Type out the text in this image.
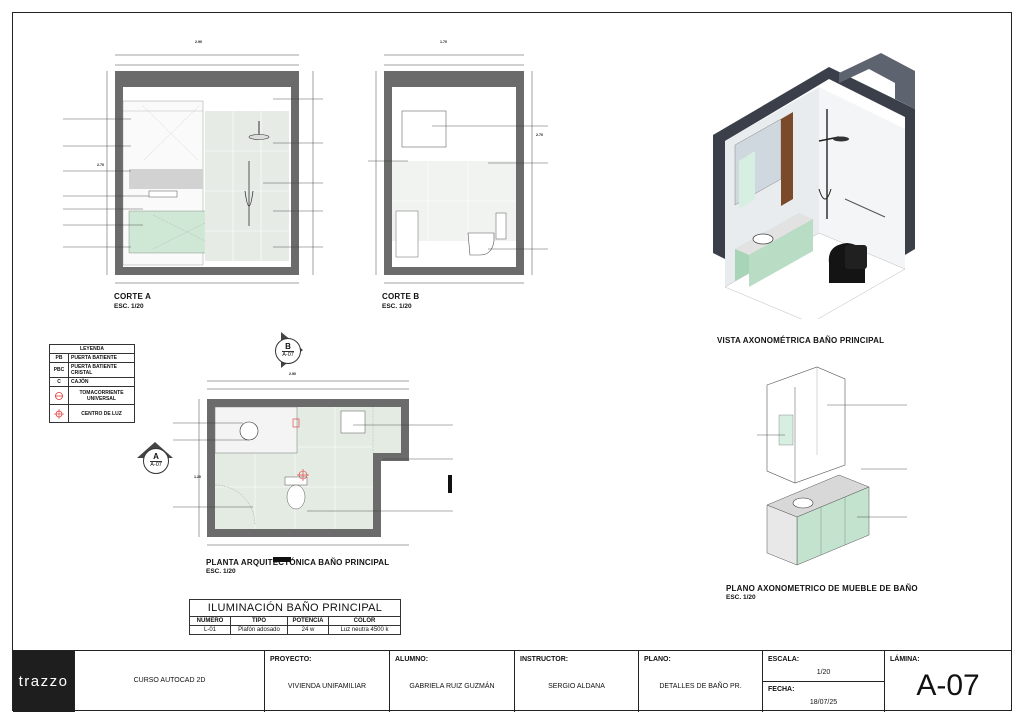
2.90
2.70
CORTE A
ESC. 1/20
1.70
2.70
CORTE B
ESC. 1/20
VISTA AXONOMÉTRICA BAÑO PRINCIPAL
LEYENDA
PB	PUERTA BATIENTE
PBC	PUERTA BATIENTE CRISTAL
C	CAJÓN
TOMACORRIENTE UNIVERSAL
CENTRO DE LUZ
2.90
1.20
B
A-07
A
A-07
PLANTA ARQUITECTÓNICA BAÑO PRINCIPAL
ESC. 1/20
PLANO AXONOMETRICO DE MUEBLE DE BAÑO
ESC. 1/20
ILUMINACIÓN BAÑO PRINCIPAL
NÚMERO	TIPO	POTENCIA	COLOR
L-01	Plafón adosado	24 w	Luz neutra 4500 k
trazzo	CURSO AUTOCAD 2D
PROYECTO:
VIVIENDA UNIFAMILIAR
ALUMNO:
GABRIELA RUIZ GUZMÁN
INSTRUCTOR:
SERGIO ALDANA
PLANO:
DETALLES DE BAÑO PR.
ESCALA:
1/20
FECHA:
18/07/25
LÁMINA:
A-07
